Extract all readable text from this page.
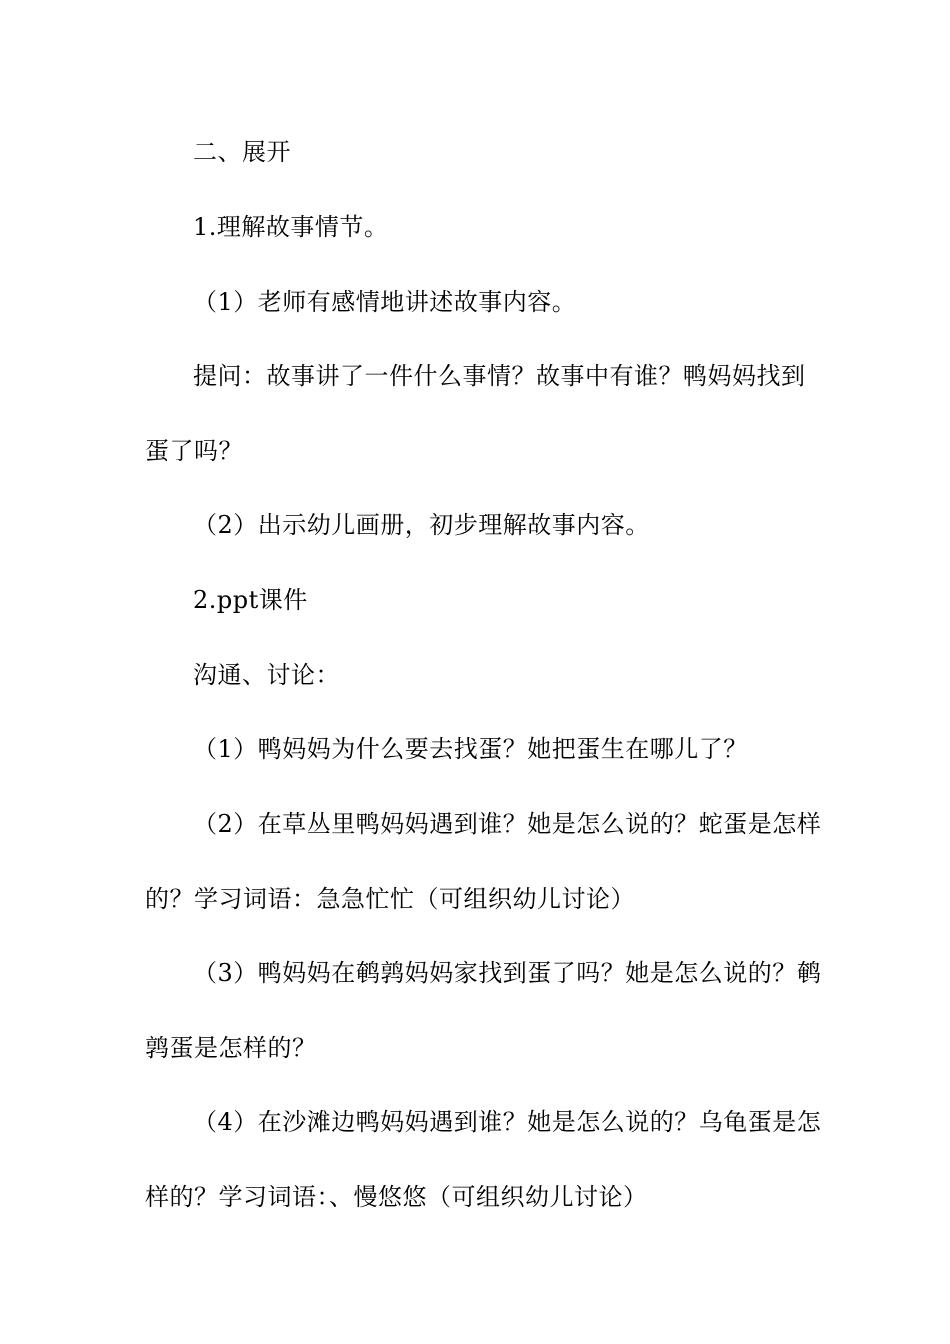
二、展开
1.理解故事情节。
（1）老师有感情地讲述故事内容。
提问：故事讲了一件什么事情？故事中有谁？鸭妈妈找到
蛋了吗？
（2）出示幼儿画册，初步理解故事内容。
2.ppt课件
沟通、讨论：
（1）鸭妈妈为什么要去找蛋？她把蛋生在哪儿了？
（2）在草丛里鸭妈妈遇到谁？她是怎么说的？蛇蛋是怎样
的？学习词语：急急忙忙（可组织幼儿讨论）
（3）鸭妈妈在鹌鹑妈妈家找到蛋了吗？她是怎么说的？鹌
鹑蛋是怎样的？
（4）在沙滩边鸭妈妈遇到谁？她是怎么说的？乌龟蛋是怎
样的？学习词语：、慢悠悠（可组织幼儿讨论）
